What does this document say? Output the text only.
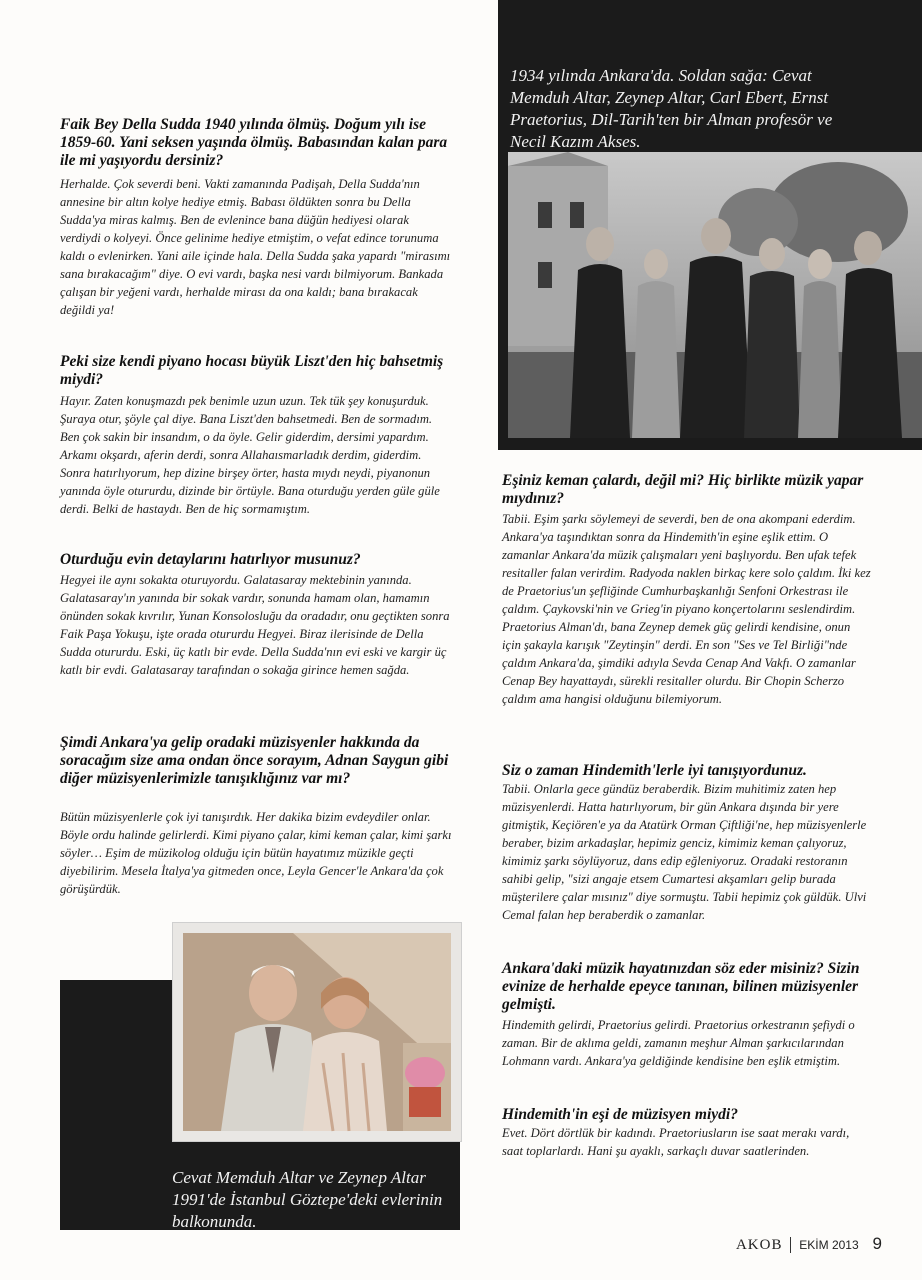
Faik Bey Della Sudda 1940 yılında ölmüş. Doğum yılı ise 1859-60. Yani seksen yaşında ölmüş. Babasından kalan para ile mi yaşıyordu dersiniz?

Herhalde. Çok severdi beni. Vakti zamanında Padişah, Della Sudda'nın annesine bir altın kolye hediye etmiş. Babası öldükten sonra bu Della Sudda'ya miras kalmış. Ben de evlenince bana düğün hediyesi olarak verdiydi o kolyeyi. Önce gelinime hediye etmiştim, o vefat edince torunuma kaldı o evlenirken. Yani aile içinde hala. Della Sudda şaka yapardı "mirasımı sana bırakacağım" diye. O evi vardı, başka nesi vardı bilmiyorum. Bankada çalışan bir yeğeni vardı, herhalde mirası da ona kaldı; bana bırakacak değildi ya!

Peki size kendi piyano hocası büyük Liszt'den hiç bahsetmiş miydi?

Hayır. Zaten konuşmazdı pek benimle uzun uzun. Tek tük şey konuşurduk. Şuraya otur, şöyle çal diye. Bana Liszt'den bahsetmedi. Ben de sormadım. Ben çok sakin bir insandım, o da öyle. Gelir giderdim, dersimi yapardım. Arkamı okşardı, aferin derdi, sonra Allahaısmarladık derdim, giderdim. Sonra hatırlıyorum, hep dizine birşey örter, hasta mıydı neydi, piyanonun yanında öyle otururdu, dizinde bir örtüyle. Bana oturduğu yerden güle güle derdi. Belki de hastaydı. Ben de hiç sormamıştım.

Oturduğu evin detaylarını hatırlıyor musunuz?

Hegyei ile aynı sokakta oturuyordu. Galatasaray mektebinin yanında. Galatasaray'ın yanında bir sokak vardır, sonunda hamam olan, hamamın önünden sokak kıvrılır, Yunan Konsolosluğu da oradadır, onu geçtikten sonra Faik Paşa Yokuşu, işte orada otururdu Hegyei. Biraz ilerisinde de Della Sudda otururdu. Eski, üç katlı bir evde. Della Sudda'nın evi eski ve kargir üç katlı bir evdi. Galatasaray tarafından o sokağa girince hemen sağda.

Şimdi Ankara'ya gelip oradaki müzisyenler hakkında da soracağım size ama ondan önce sorayım, Adnan Saygun gibi diğer müzisyenlerimizle tanışıklığınız var mı?

Bütün müzisyenlerle çok iyi tanışırdık. Her dakika bizim evdeydiler onlar. Böyle ordu halinde gelirlerdi. Kimi piyano çalar, kimi keman çalar, kimi şarkı söyler… Eşim de müzikolog olduğu için bütün hayatımız müzikle geçti diyebilirim. Mesela İtalya'ya gitmeden once, Leyla Gencer'le Ankara'da çok görüşürdük.

Cevat Memduh Altar ve Zeynep Altar 1991'de İstanbul Göztepe'deki evlerinin balkonunda.

1934 yılında Ankara'da. Soldan sağa: Cevat Memduh Altar, Zeynep Altar, Carl Ebert, Ernst Praetorius, Dil-Tarih'ten bir Alman profesör ve Necil Kazım Akses.

Eşiniz keman çalardı, değil mi? Hiç birlikte müzik yapar mıydınız?

Tabii. Eşim şarkı söylemeyi de severdi, ben de ona akompani ederdim. Ankara'ya taşındıktan sonra da Hindemith'in eşine eşlik ettim. O zamanlar Ankara'da müzik çalışmaları yeni başlıyordu. Ben ufak tefek resitaller falan verirdim. Radyoda naklen birkaç kere solo çaldım. İki kez de Praetorius'un şefliğinde Cumhurbaşkanlığı Senfoni Orkestrası ile çaldım. Çaykovski'nin ve Grieg'in piyano konçertolarını seslendirdim. Praetorius Alman'dı, bana Zeynep demek güç gelirdi kendisine, onun için şakayla karışık "Zeytinşin" derdi. En son "Ses ve Tel Birliği"nde çaldım Ankara'da, şimdiki adıyla Sevda Cenap And Vakfı. O zamanlar Cenap Bey hayattaydı, sürekli resitaller olurdu. Bir Chopin Scherzo çaldım ama hangisi olduğunu bilemiyorum.

Siz o zaman Hindemith'lerle iyi tanışıyordunuz.

Tabii. Onlarla gece gündüz beraberdik. Bizim muhitimiz zaten hep müzisyenlerdi. Hatta hatırlıyorum, bir gün Ankara dışında bir yere gitmiştik, Keçiören'e ya da Atatürk Orman Çiftliği'ne, hep müzisyenlerle beraber, bizim arkadaşlar, hepimiz genciz, kimimiz keman çalıyoruz, kimimiz şarkı söylüyoruz, dans edip eğleniyoruz. Oradaki restoranın sahibi gelip, "sizi angaje etsem Cumartesi akşamları gelip burada müşterilere çalar mısınız" diye sormuştu. Tabii hepimiz çok güldük. Ulvi Cemal falan hep beraberdik o zamanlar.

Ankara'daki müzik hayatınızdan söz eder misiniz? Sizin evinize de herhalde epeyce tanınan, bilinen müzisyenler gelmişti.

Hindemith gelirdi, Praetorius gelirdi. Praetorius orkestranın şefiydi o zaman. Bir de aklıma geldi, zamanın meşhur Alman şarkıcılarından Lohmann vardı. Ankara'ya geldiğinde kendisine ben eşlik etmiştim.

Hindemith'in eşi de müzisyen miydi?

Evet. Dört dörtlük bir kadındı. Praetoriusların ise saat merakı vardı, saat toplarlardı. Hani şu ayaklı, sarkaçlı duvar saatlerinden.

AKOB EKİM 2013 9
